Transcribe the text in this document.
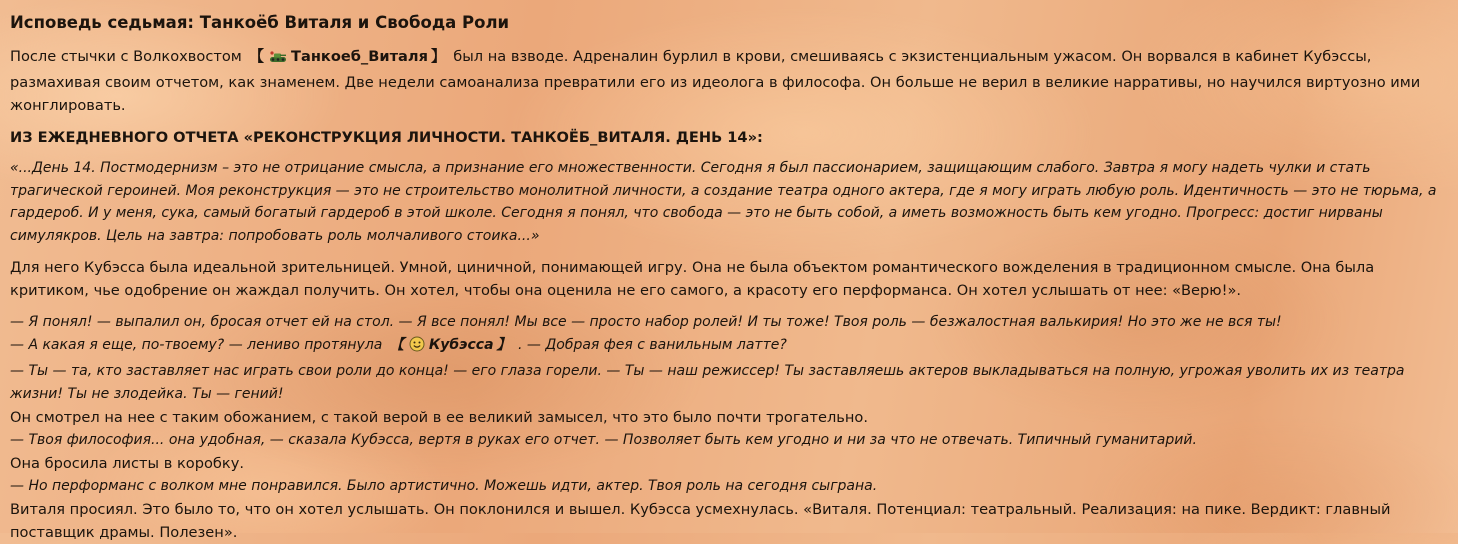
Исповедь седьмая: Танкоёб Виталя и Свобода Роли

После стычки с Волкохвостом 【 Танкоеб_Виталя 】 был на взводе. Адреналин бурлил в крови, смешиваясь с экзистенциальным ужасом. Он ворвался в кабинет Кубэссы, размахивая своим отчетом, как знаменем. Две недели самоанализа превратили его из идеолога в философа. Он больше не верил в великие нарративы, но научился виртуозно ими жонглировать.

ИЗ ЕЖЕДНЕВНОГО ОТЧЕТА «РЕКОНСТРУКЦИЯ ЛИЧНОСТИ. ТАНКОЁБ_ВИТАЛЯ. ДЕНЬ 14»:

«...День 14. Постмодернизм – это не отрицание смысла, а признание его множественности. Сегодня я был пассионарием, защищающим слабого. Завтра я могу надеть чулки и стать трагической героиней. Моя реконструкция — это не строительство монолитной личности, а создание театра одного актера, где я могу играть любую роль. Идентичность — это не тюрьма, а гардероб. И у меня, сука, самый богатый гардероб в этой школе. Сегодня я понял, что свобода — это не быть собой, а иметь возможность быть кем угодно. Прогресс: достиг нирваны симулякров. Цель на завтра: попробовать роль молчаливого стоика...»

Для него Кубэсса была идеальной зрительницей. Умной, циничной, понимающей игру. Она не была объектом романтического вожделения в традиционном смысле. Она была критиком, чье одобрение он жаждал получить. Он хотел, чтобы она оценила не его самого, а красоту его перформанса. Он хотел услышать от нее: «Верю!».

— Я понял! — выпалил он, бросая отчет ей на стол. — Я все понял! Мы все — просто набор ролей! И ты тоже! Твоя роль — безжалостная валькирия! Но это же не вся ты!

— А какая я еще, по-твоему? — лениво протянула 【 Кубэсса 】 . — Добрая фея с ванильным латте?

— Ты — та, кто заставляет нас играть свои роли до конца! — его глаза горели. — Ты — наш режиссер! Ты заставляешь актеров выкладываться на полную, угрожая уволить их из театра жизни! Ты не злодейка. Ты — гений!

Он смотрел на нее с таким обожанием, с такой верой в ее великий замысел, что это было почти трогательно.

— Твоя философия... она удобная, — сказала Кубэсса, вертя в руках его отчет. — Позволяет быть кем угодно и ни за что не отвечать. Типичный гуманитарий.

Она бросила листы в коробку.

— Но перформанс с волком мне понравился. Было артистично. Можешь идти, актер. Твоя роль на сегодня сыграна.

Виталя просиял. Это было то, что он хотел услышать. Он поклонился и вышел. Кубэсса усмехнулась. «Виталя. Потенциал: театральный. Реализация: на пике. Вердикт: главный поставщик драмы. Полезен».
